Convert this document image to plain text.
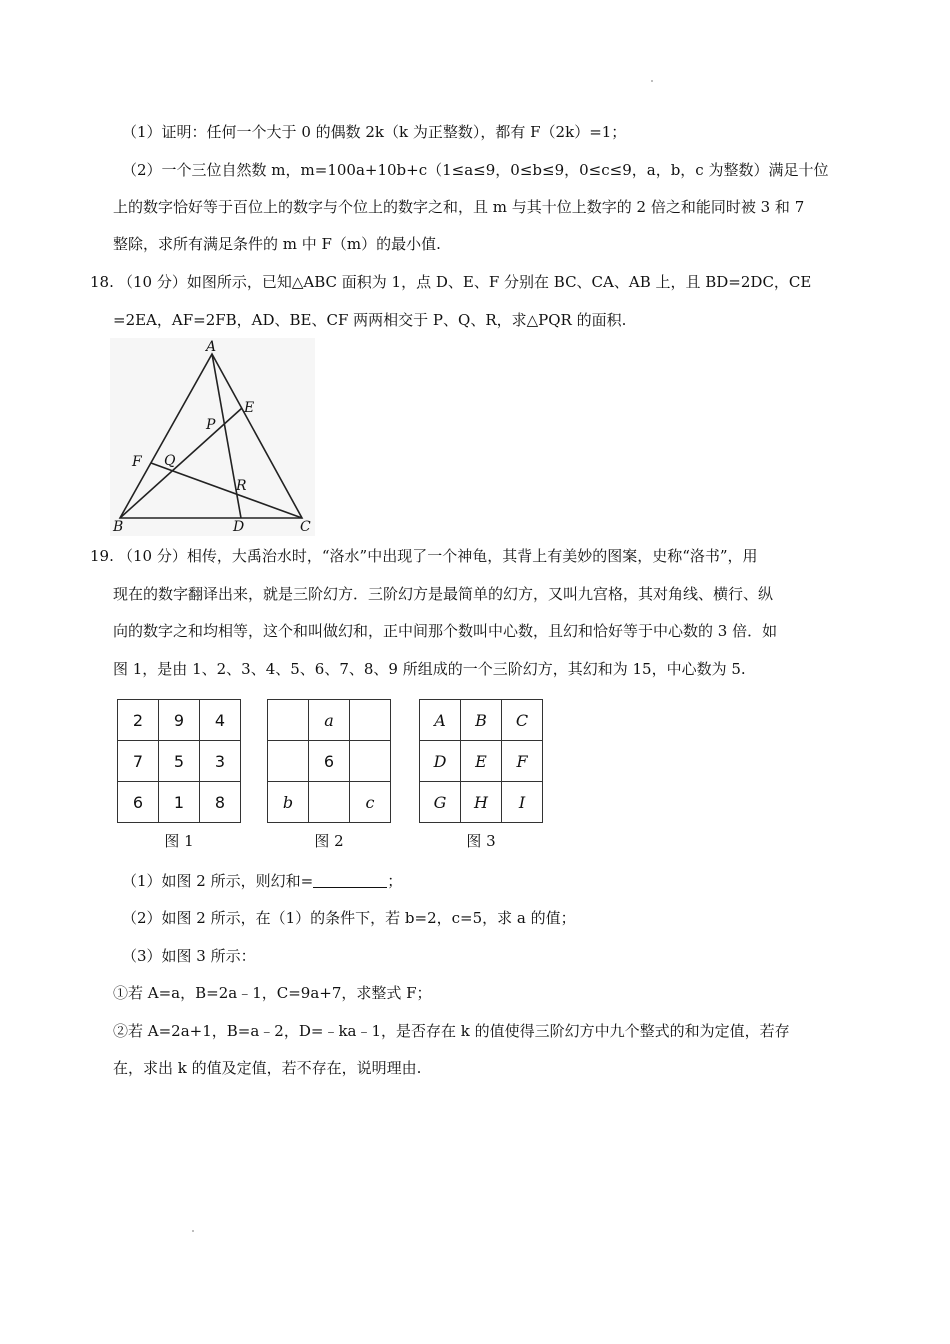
（1）证明：任何一个大于 0 的偶数 2k（k 为正整数），都有 F（2k）=1；
（2）一个三位自然数 m，m=100a+10b+c（1≤a≤9，0≤b≤9，0≤c≤9，a，b，c 为整数）满足十位
上的数字恰好等于百位上的数字与个位上的数字之和，且 m 与其十位上数字的 2 倍之和能同时被 3 和 7
整除，求所有满足条件的 m 中 F（m）的最小值.
18. （10 分）如图所示，已知△ABC 面积为 1，点 D、E、F 分别在 BC、CA、AB 上，且 BD=2DC，CE
=2EA，AF=2FB，AD、BE、CF 两两相交于 P、Q、R，求△PQR 的面积.
A
B	C
D
E
F
P
Q
R
19. （10 分）相传，大禹治水时，“洛水”中出现了一个神龟，其背上有美妙的图案，史称“洛书”，用
现在的数字翻译出来，就是三阶幻方．三阶幻方是最简单的幻方，又叫九宫格，其对角线、横行、纵
向的数字之和均相等，这个和叫做幻和，正中间那个数叫中心数，且幻和恰好等于中心数的 3 倍．如
图 1，是由 1、2、3、4、5、6、7、8、9 所组成的一个三阶幻方，其幻和为 15，中心数为 5.
2	9	4
7	5	3
6	1	8
图 1
	a	
	6	
b		c
图 2
A	B	C
D	E	F
G	H	I
图 3
（1）如图 2 所示，则幻和=	；
（2）如图 2 所示，在（1）的条件下，若 b=2，c=5，求 a 的值；
（3）如图 3 所示：
①若 A=a，B=2a﹣1，C=9a+7，求整式 F；
②若 A=2a+1，B=a﹣2，D=﹣ka﹣1，是否存在 k 的值使得三阶幻方中九个整式的和为定值，若存
在，求出 k 的值及定值，若不存在，说明理由.
